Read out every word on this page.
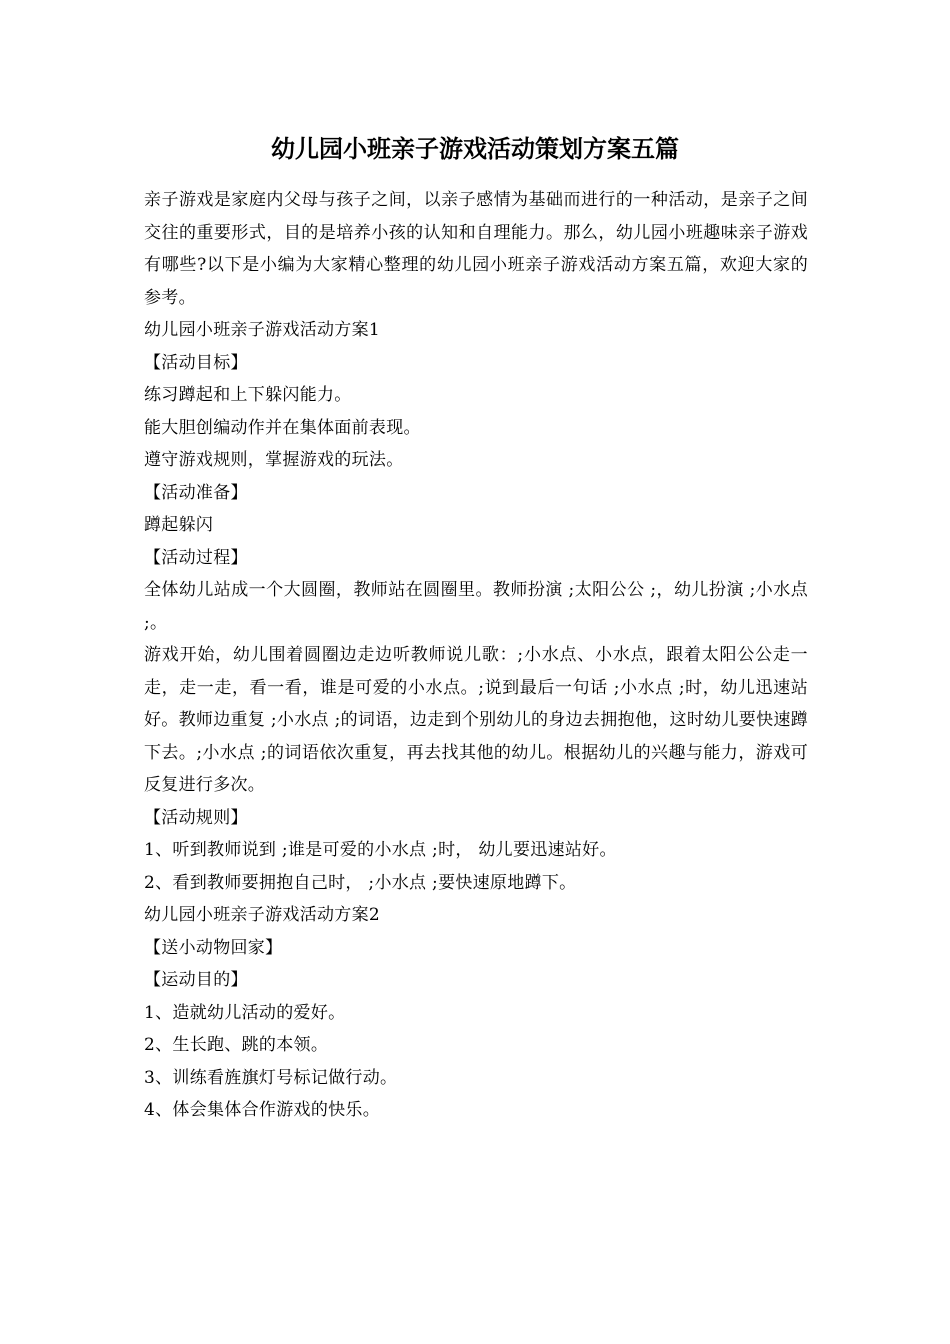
幼儿园小班亲子游戏活动策划方案五篇

亲子游戏是家庭内父母与孩子之间，以亲子感情为基础而进行的一种活动，是亲子之间交往的重要形式，目的是培养小孩的认知和自理能力。那么，幼儿园小班趣味亲子游戏有哪些?以下是小编为大家精心整理的幼儿园小班亲子游戏活动方案五篇，欢迎大家的参考。

幼儿园小班亲子游戏活动方案1

【活动目标】

练习蹲起和上下躲闪能力。

能大胆创编动作并在集体面前表现。

遵守游戏规则，掌握游戏的玩法。

【活动准备】

蹲起躲闪

【活动过程】

全体幼儿站成一个大圆圈，教师站在圆圈里。教师扮演 ;太阳公公 ;，幼儿扮演 ;小水点 ;。

游戏开始，幼儿围着圆圈边走边听教师说儿歌：;小水点、小水点，跟着太阳公公走一走，走一走，看一看，谁是可爱的小水点。;说到最后一句话 ;小水点 ;时，幼儿迅速站好。教师边重复 ;小水点 ;的词语，边走到个别幼儿的身边去拥抱他，这时幼儿要快速蹲下去。;小水点 ;的词语依次重复，再去找其他的幼儿。根据幼儿的兴趣与能力，游戏可反复进行多次。

【活动规则】

1、听到教师说到 ;谁是可爱的小水点 ;时， 幼儿要迅速站好。

2、看到教师要拥抱自己时， ;小水点 ;要快速原地蹲下。

幼儿园小班亲子游戏活动方案2

【送小动物回家】

【运动目的】

1、造就幼儿活动的爱好。

2、生长跑、跳的本领。

3、训练看旌旗灯号标记做行动。

4、体会集体合作游戏的快乐。
